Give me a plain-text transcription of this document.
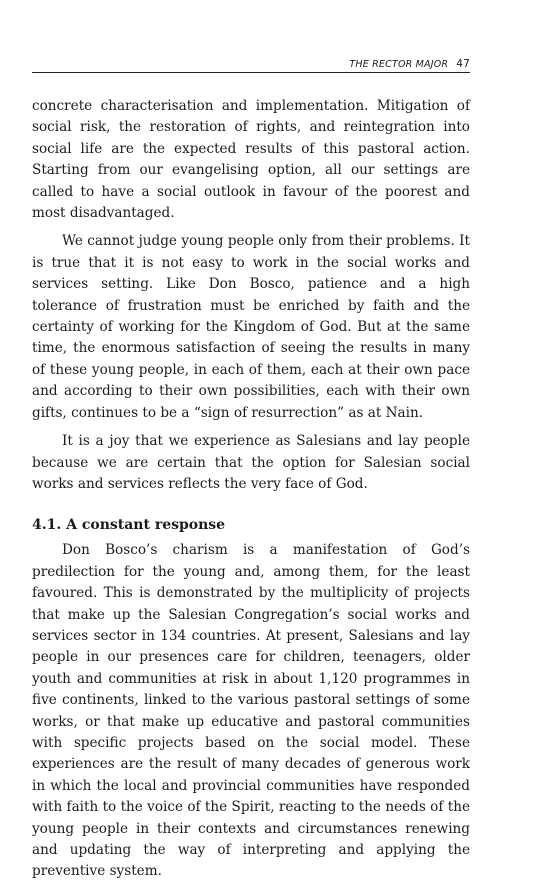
THE RECTOR MAJOR 47

concrete characterisation and implementation. Mitigation of social risk, the restoration of rights, and reintegration into social life are the expected results of this pastoral action. Starting from our evangelising option, all our settings are called to have a social outlook in favour of the poorest and most disadvantaged.

We cannot judge young people only from their problems. It is true that it is not easy to work in the social works and services setting. Like Don Bosco, patience and a high tolerance of frustration must be enriched by faith and the certainty of working for the Kingdom of God. But at the same time, the enormous satisfaction of seeing the results in many of these young people, in each of them, each at their own pace and according to their own possibilities, each with their own gifts, continues to be a “sign of resurrection” as at Nain.

It is a joy that we experience as Salesians and lay people because we are certain that the option for Salesian social works and services reflects the very face of God.

4.1. A constant response

Don Bosco’s charism is a manifestation of God’s predilection for the young and, among them, for the least favoured. This is demonstrated by the multiplicity of projects that make up the Salesian Congregation’s social works and services sector in 134 countries. At present, Salesians and lay people in our presences care for children, teenagers, older youth and communities at risk in about 1,120 programmes in five continents, linked to the various pastoral settings of some works, or that make up educative and pastoral communities with specific projects based on the social model. These experiences are the result of many decades of generous work in which the local and provincial communities have responded with faith to the voice of the Spirit, reacting to the needs of the young people in their contexts and circumstances renewing and updating the way of interpreting and applying the preventive system.
